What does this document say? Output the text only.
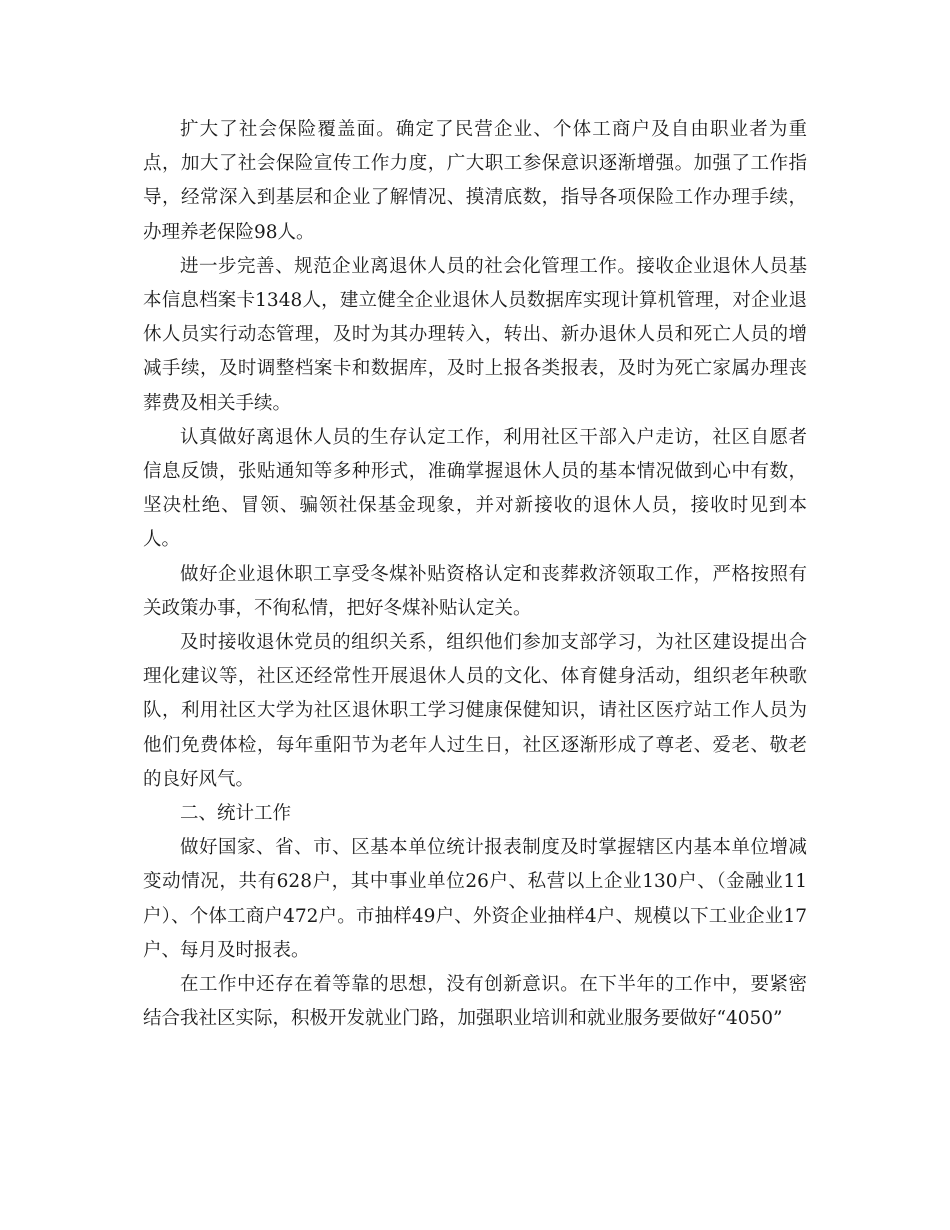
扩大了社会保险覆盖面。确定了民营企业、个体工商户及自由职业者为重点，加大了社会保险宣传工作力度，广大职工参保意识逐渐增强。加强了工作指导，经常深入到基层和企业了解情况、摸清底数，指导各项保险工作办理手续，办理养老保险98人。

进一步完善、规范企业离退休人员的社会化管理工作。接收企业退休人员基本信息档案卡1348人，建立健全企业退休人员数据库实现计算机管理，对企业退休人员实行动态管理，及时为其办理转入，转出、新办退休人员和死亡人员的增减手续，及时调整档案卡和数据库，及时上报各类报表，及时为死亡家属办理丧葬费及相关手续。

认真做好离退休人员的生存认定工作，利用社区干部入户走访，社区自愿者信息反馈，张贴通知等多种形式，准确掌握退休人员的基本情况做到心中有数，坚决杜绝、冒领、骗领社保基金现象，并对新接收的退休人员，接收时见到本人。

做好企业退休职工享受冬煤补贴资格认定和丧葬救济领取工作，严格按照有关政策办事，不徇私情，把好冬煤补贴认定关。

及时接收退休党员的组织关系，组织他们参加支部学习，为社区建设提出合理化建议等，社区还经常性开展退休人员的文化、体育健身活动，组织老年秧歌队，利用社区大学为社区退休职工学习健康保健知识，请社区医疗站工作人员为他们免费体检，每年重阳节为老年人过生日，社区逐渐形成了尊老、爱老、敬老的良好风气。

二、统计工作

做好国家、省、市、区基本单位统计报表制度及时掌握辖区内基本单位增减变动情况，共有628户，其中事业单位26户、私营以上企业130户、（金融业11户）、个体工商户472户。市抽样49户、外资企业抽样4户、规模以下工业企业17户、每月及时报表。

在工作中还存在着等靠的思想，没有创新意识。在下半年的工作中，要紧密结合我社区实际，积极开发就业门路，加强职业培训和就业服务要做好“4050”
